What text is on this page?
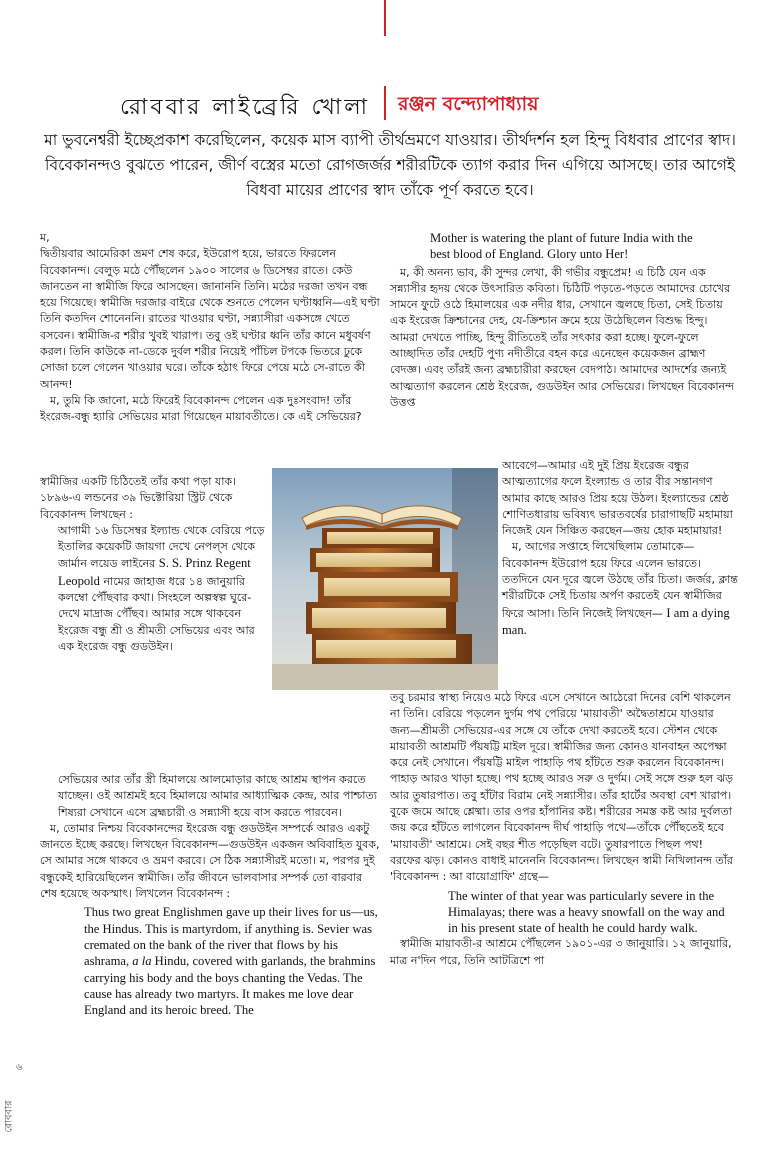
রোববার লাইব্রেরি খোলা রঞ্জন বন্দ্যোপাধ্যায়
মা ভুবনেশ্বরী ইচ্ছেপ্রকাশ করেছিলেন, কয়েক মাস ব্যাপী তীর্থভ্রমণে যাওয়ার। তীর্থদর্শন হল হিন্দু বিধবার প্রাণের স্বাদ। বিবেকানন্দও বুঝতে পারেন, জীর্ণ বস্ত্রের মতো রোগজর্জর শরীরটিকে ত্যাগ করার দিন এগিয়ে আসছে। তার আগেই বিধবা মায়ের প্রাণের স্বাদ তাঁকে পূর্ণ করতে হবে।

ম,
দ্বিতীয়বার আমেরিকা ভ্রমণ শেষ করে, ইউরোপ হয়ে, ভারতে ফিরলেন বিবেকানন্দ। বেলুড় মঠে পৌঁছলেন ১৯০০ সালের ৬ ডিসেম্বর রাতে। কেউ জানতেন না স্বামীজি ফিরে আসছেন। জানাননি তিনি। মঠের দরজা তখন বন্ধ হয়ে গিয়েছে। স্বামীজি দরজার বাইরে থেকে শুনতে পেলেন ঘণ্টাধ্বনি—এই ঘণ্টা তিনি কতদিন শোনেননি। রাতের খাওয়ার ঘণ্টা, সন্ন্যাসীরা একসঙ্গে খেতে বসবেন। স্বামীজি-র শরীর খুবই খারাপ। তবু ওই ঘণ্টার ধ্বনি তাঁর কানে মধুবর্ষণ করল। তিনি কাউকে না-ডেকে দুর্বল শরীর নিয়েই পাঁচিল টপকে ভিতরে ঢুকে সোজা চলে গেলেন খাওয়ার ঘরে। তাঁকে হঠাৎ ফিরে পেয়ে মঠে সে-রাতে কী আনন্দ!

ম, তুমি কি জানো, মঠে ফিরেই বিবেকানন্দ পেলেন এক দুঃসংবাদ! তাঁর ইংরেজ-বন্ধু হ্যারি সেভিয়ের মারা গিয়েছেন মায়াবতীতে। কে এই সেভিয়ের?

স্বামীজির একটি চিঠিতেই তাঁর কথা পড়া যাক। ১৮৯৬-এ লন্ডনের ৩৯ ভিক্টোরিয়া স্ট্রিট থেকে বিবেকানন্দ লিখছেন :

আগামী ১৬ ডিসেম্বর ইল্যান্ড থেকে বেরিয়ে পড়ে ইতালির কয়েকটি জায়গা দেখে নেপল্স থেকে জার্মান লয়েড লাইনের S. S. Prinz Regent Leopold নামের জাহাজ ধরে ১৪ জানুয়ারি কলম্বো পৌঁছবার কথা। সিংহলে অল্পস্বল্প ঘুরে-দেখে মাদ্রাজ পৌঁছব। আমার সঙ্গে থাকবেন ইংরেজ বন্ধু শ্রী ও শ্রীমতী সেভিয়ের এবং আর এক ইংরেজ বন্ধু গুডউইন।

সেভিয়ের আর তাঁর স্ত্রী হিমালয়ে আলমোড়ার কাছে আশ্রম স্থাপন করতে যাচ্ছেন। ওই আশ্রমই হবে হিমালয়ে আমার আধ্যাত্মিক কেন্দ্র, আর পাশ্চাত্য শিষ্যরা সেখানে এসে ব্রহ্মচারী ও সন্ন্যাসী হয়ে বাস করতে পারবেন।

ম, তোমার নিশ্চয় বিবেকানন্দের ইংরেজ বন্ধু গুডউইন সম্পর্কে আরও একটু জানতে ইচ্ছে করছে। লিখছেন বিবেকানন্দ—গুডউইন একজন অবিবাহিত যুবক, সে আমার সঙ্গে থাকবে ও ভ্রমণ করবে। সে ঠিক সন্ন্যাসীরই মতো। ম, পরপর দুই বন্ধুকেই হারিয়েছিলেন স্বামীজি। তাঁর জীবনে ভালবাসার সম্পর্ক তো বারবার শেষ হয়েছে অকস্মাৎ। লিখলেন বিবেকানন্দ :

Thus two great Englishmen gave up their lives for us—us, the Hindus. This is martyrdom, if anything is. Sevier was cremated on the bank of the river that flows by his ashrama, a la Hindu, covered with garlands, the brahmins carrying his body and the boys chanting the Vedas. The cause has already two martyrs. It makes me love dear England and its heroic breed. The

Mother is watering the plant of future India with the best blood of England. Glory unto Her!

ম, কী অনন্য ভাব, কী সুন্দর লেখা, কী গভীর বন্ধুপ্রেম! এ চিঠি যেন এক সন্ন্যাসীর হৃদয় থেকে উৎসারিত কবিতা। চিঠিটি পড়তে-পড়তে আমাদের চোখের সামনে ফুটে ওঠে হিমালয়ের এক নদীর ধার, সেখানে জ্বলছে চিতা, সেই চিতায় এক ইংরেজ ক্রিশ্চানের দেহ, যে-ক্রিশ্চান ক্রমে হয়ে উঠেছিলেন বিশুদ্ধ হিন্দু। আমরা দেখতে পাচ্ছি, হিন্দু রীতিতেই তাঁর সৎকার করা হচ্ছে। ফুলে-ফুলে আচ্ছাদিত তাঁর দেহটি পুণ্য নদীতীরে বহন করে এনেছেন কয়েকজন ব্রাহ্মণ বেদজ্ঞ। এবং তাঁরই জন্য ব্রহ্মচারীরা করছেন বেদপাঠ। আমাদের আদর্শের জন্যই আত্মত্যাগ করলেন শ্রেষ্ঠ ইংরেজ, গুডউইন আর সেভিয়ের। লিখছেন বিবেকানন্দ উত্তপ্ত

আবেগে—আমার এই দুই প্রিয় ইংরেজ বন্ধুর আত্মত্যাগের ফলে ইংল্যান্ড ও তার বীর সন্তানগণ আমার কাছে আরও প্রিয় হয়ে উঠল। ইংল্যান্ডের শ্রেষ্ঠ শোণিতধারায় ভবিষ্যৎ ভারতবর্ষের চারাগাছটি মহামায়া নিজেই যেন সিঞ্চিত করছেন—জয় হোক মহামায়ার!

ম, আগের সপ্তাহে লিখেছিলাম তোমাকে—বিবেকানন্দ ইউরোপ হয়ে ফিরে এলেন ভারতে। ততদিনে যেন দূরে জ্বলে উঠছে তাঁর চিতা। জর্জর, ক্লান্ত শরীরটিকে সেই চিতায় অর্পণ করতেই যেন স্বামীজির ফিরে আসা। তিনি নিজেই লিখছেন— I am a dying man.

তবু চরমার স্বাস্থ্য নিয়েও মঠে ফিরে এসে সেখানে আঠেরো দিনের বেশি থাকলেন না তিনি। বেরিয়ে পড়লেন দুর্গম পথ পেরিয়ে 'মায়াবতী' অদ্বৈতাশ্রমে যাওয়ার জন্য—শ্রীমতী সেভিয়ের-এর সঙ্গে যে তাঁকে দেখা করতেই হবে। স্টেশন থেকে মায়াবতী আশ্রমটি পঁয়ষট্টি মাইল দূরে। স্বামীজির জন্য কোনও যানবাহন অপেক্ষা করে নেই সেখানে। পঁয়ষট্টি মাইল পাহাড়ি পথ হাঁটতে শুরু করলেন বিবেকানন্দ। পাহাড় আরও খাড়া হচ্ছে। পথ হচ্ছে আরও সরু ও দুর্গম। সেই সঙ্গে শুরু হল ঝড় আর তুষারপাত। তবু হাঁটার বিরাম নেই সন্ন্যাসীর। তাঁর হার্টের অবস্থা বেশ খারাপ। বুকে জমে আছে শ্লেষ্মা। তার ওপর হাঁপানির কষ্ট। শরীরের সমস্ত কষ্ট আর দুর্বলতা জয় করে হাঁটতে লাগলেন বিবেকানন্দ দীর্ঘ পাহাড়ি পথে—তাঁকে পৌঁছতেই হবে 'মায়াবতী' আশ্রমে। সেই বছর শীত পড়েছিল বটে। তুষারপাতে পিছল পথ! বরফের ঝড়। কোনও বাধাই মানেননি বিবেকানন্দ। লিখছেন স্বামী নিখিলানন্দ তাঁর 'বিবেকানন্দ : আ বায়োগ্রাফি' গ্রন্থে—

The winter of that year was particularly severe in the Himalayas; there was a heavy snowfall on the way and in his present state of health he could hardy walk.

স্বামীজি মায়াবতী-র আশ্রমে পৌঁছলেন ১৯০১-এর ৩ জানুয়ারি। ১২ জানুয়ারি, মাত্র ন'দিন পরে, তিনি আটত্রিশে পা

৬
রোববার
